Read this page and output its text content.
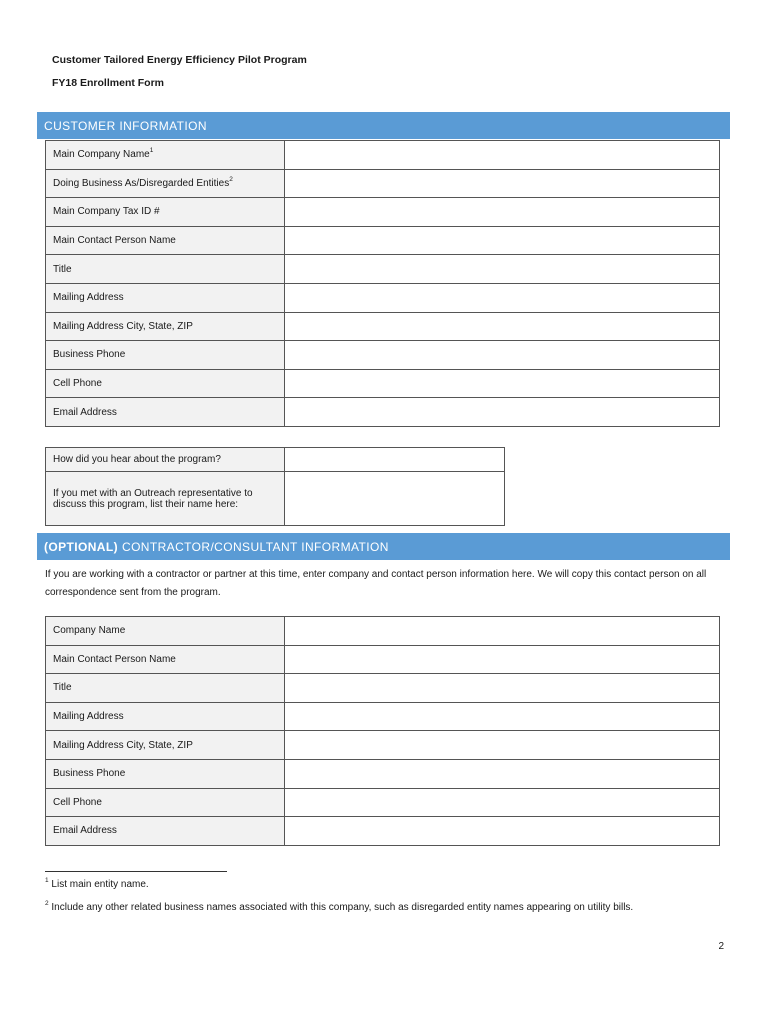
Customer Tailored Energy Efficiency Pilot Program
FY18 Enrollment Form
CUSTOMER INFORMATION
Main Company Name$^1$	
Doing Business As/Disregarded Entities$^2$	
Main Company Tax ID #	
Main Contact Person Name	
Title	
Mailing Address	
Mailing Address City, State, ZIP	
Business Phone	
Cell Phone	
Email Address	
How did you hear about the program?	
If you met with an Outreach representative to discuss this program, list their name here:	
(OPTIONAL) CONTRACTOR/CONSULTANT INFORMATION
If you are working with a contractor or partner at this time, enter company and contact person information here. We will copy this contact person on all correspondence sent from the program.
Company Name	
Main Contact Person Name	
Title	
Mailing Address	
Mailing Address City, State, ZIP	
Business Phone	
Cell Phone	
Email Address	
$^1$ List main entity name.
$^2$ Include any other related business names associated with this company, such as disregarded entity names appearing on utility bills.
2
